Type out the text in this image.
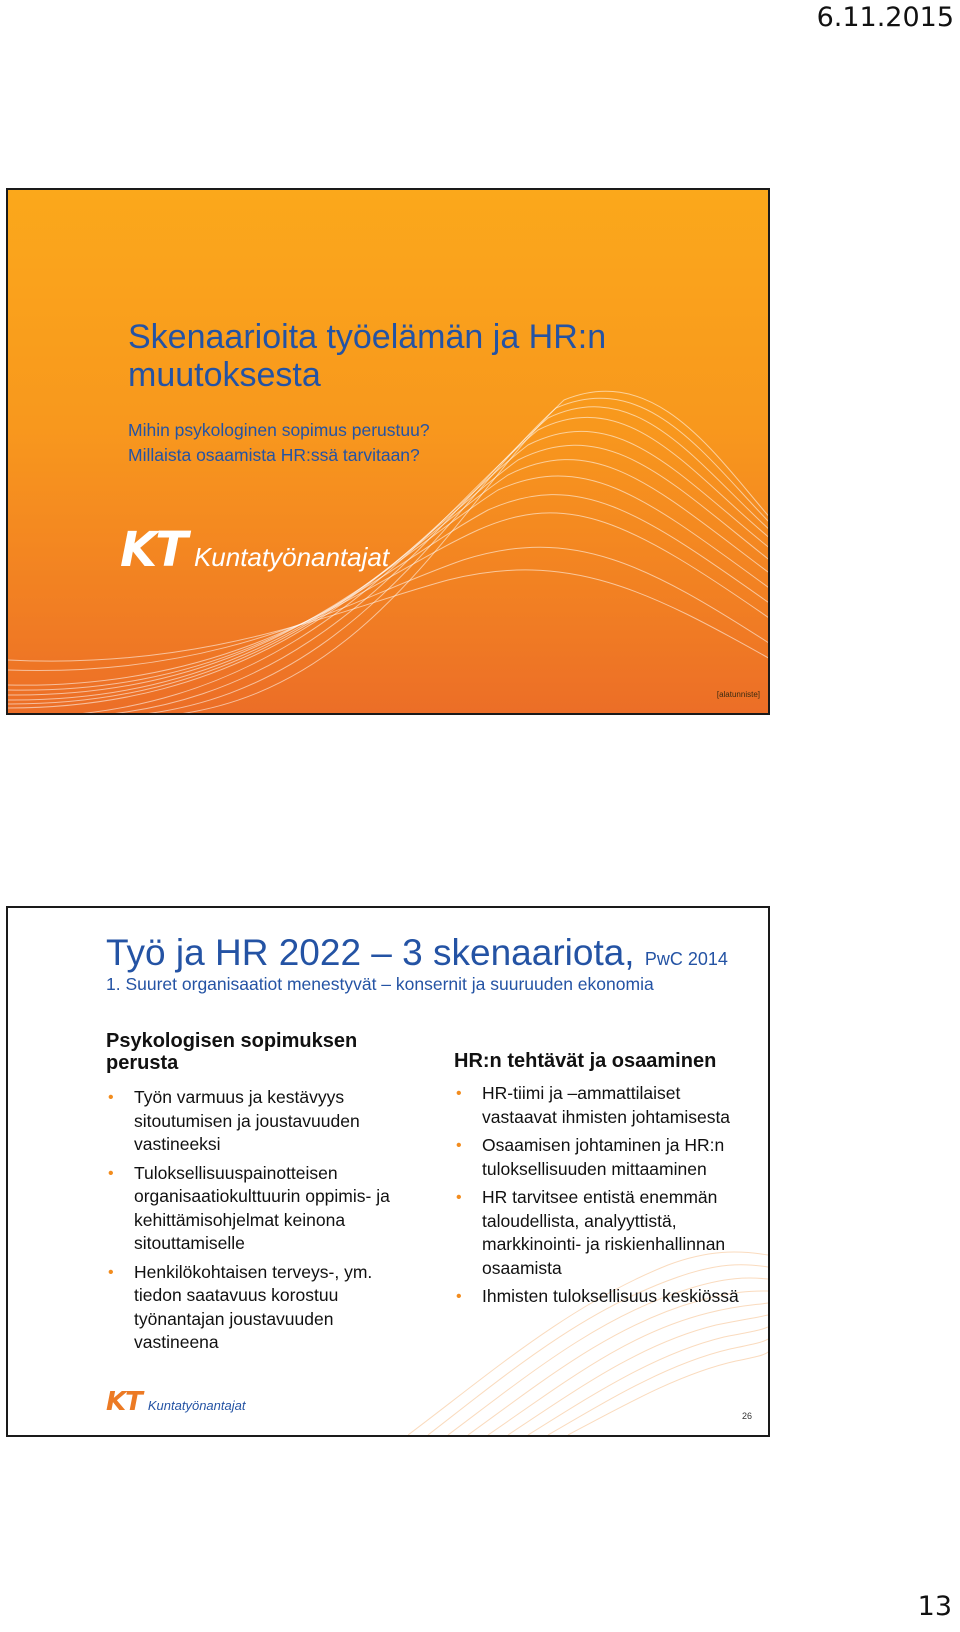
6.11.2015
Skenaarioita työelämän ja HR:n muutoksesta
Mihin psykologinen sopimus perustuu?
Millaista osaamista HR:ssä tarvitaan?
KT Kuntatyönantajat
[alatunniste]
Työ ja HR 2022 – 3 skenaariota, PwC 2014
1. Suuret organisaatiot menestyvät – konsernit ja suuruuden ekonomia
Psykologisen sopimuksen perusta
• Työn varmuus ja kestävyys sitoutumisen ja joustavuuden vastineeksi
• Tuloksellisuuspainotteisen organisaatiokulttuurin oppimis- ja kehittämisohjelmat keinona sitouttamiselle
• Henkilökohtaisen terveys-, ym. tiedon saatavuus korostuu työnantajan joustavuuden vastineena
HR:n tehtävät ja osaaminen
• HR-tiimi ja –ammattilaiset vastaavat ihmisten johtamisesta
• Osaamisen johtaminen ja HR:n tuloksellisuuden mittaaminen
• HR tarvitsee entistä enemmän taloudellista, analyyttistä, markkinointi- ja riskienhallinnan osaamista
• Ihmisten tuloksellisuus keskiössä
KT Kuntatyönantajat
26
13
